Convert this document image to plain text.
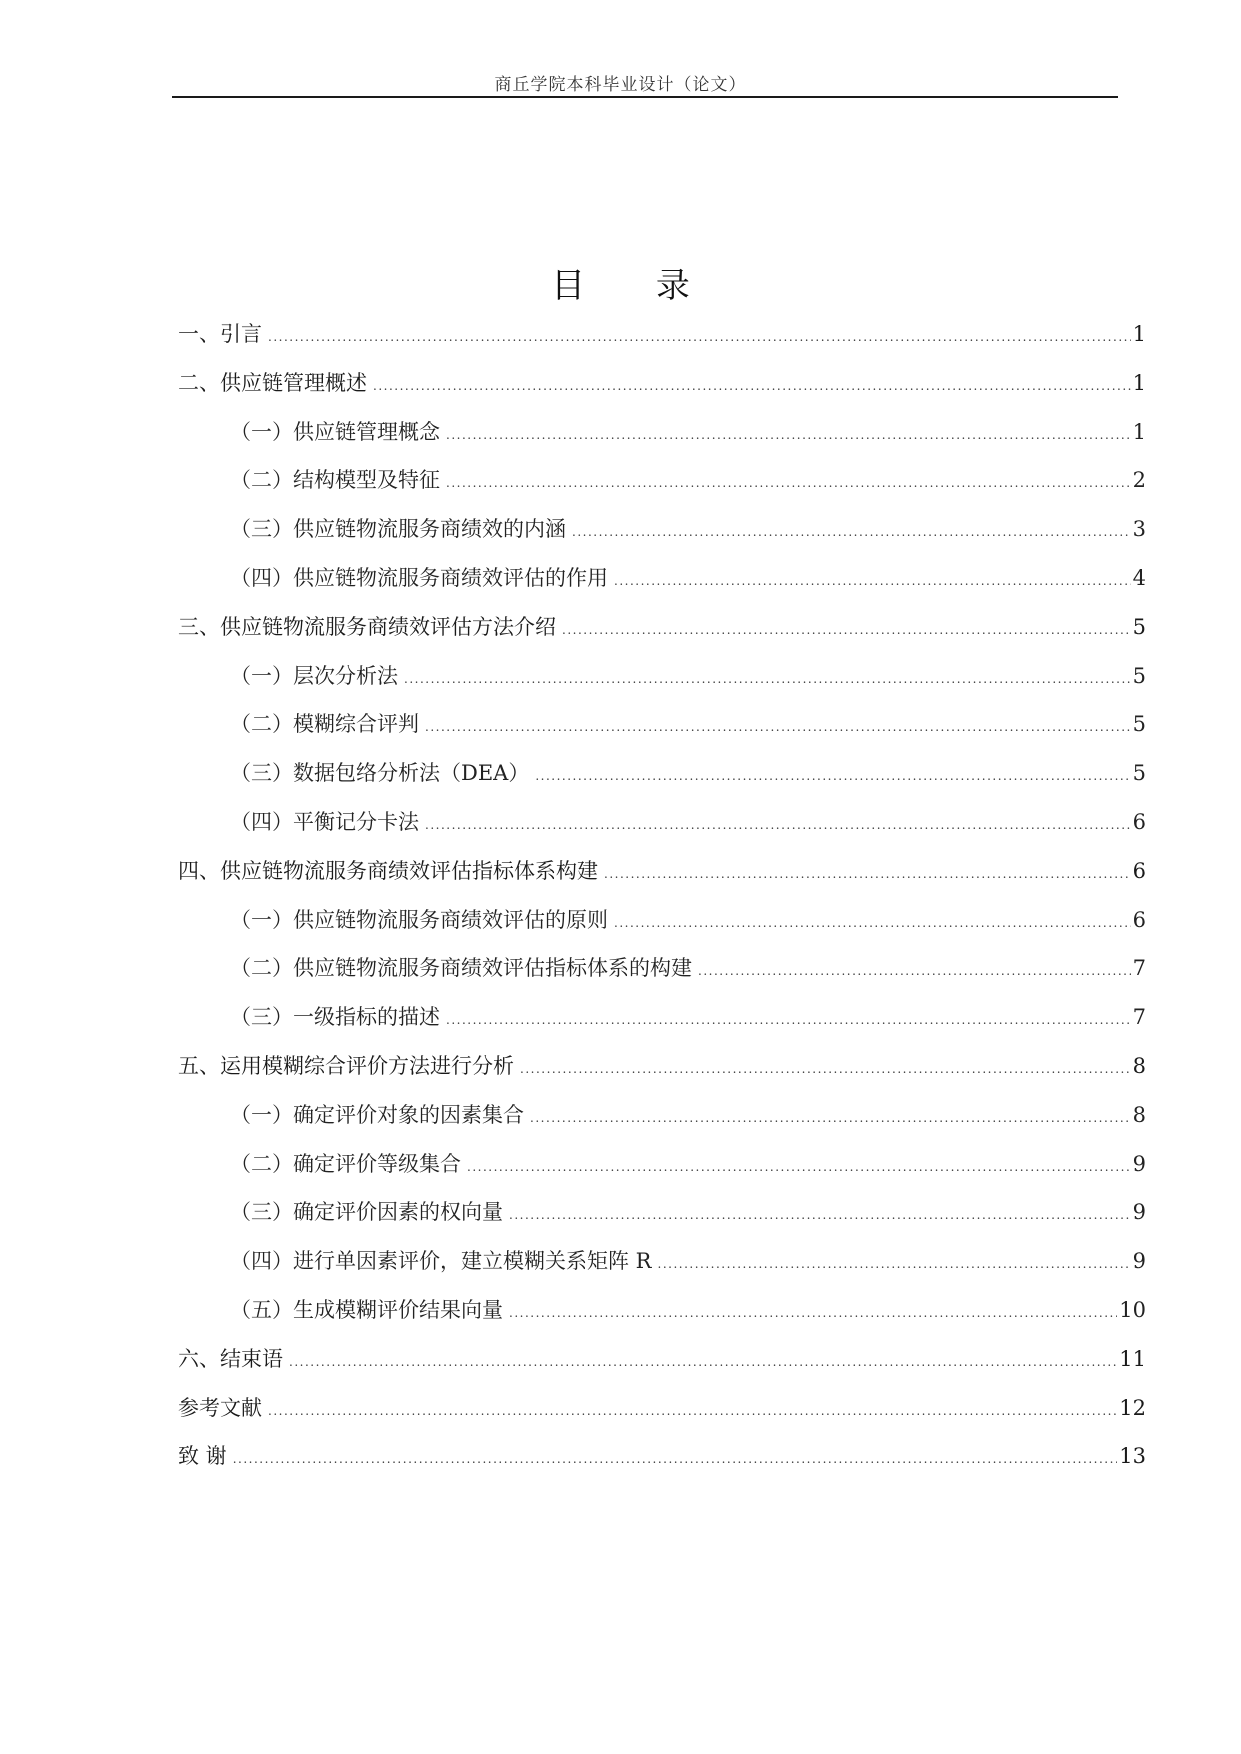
商丘学院本科毕业设计（论文）
目 录
一、引言 .....	1
二、供应链管理概述 .....	1
（一）供应链管理概念 .....	1
（二）结构模型及特征 .....	2
（三）供应链物流服务商绩效的内涵 .....	3
（四）供应链物流服务商绩效评估的作用 .....	4
三、供应链物流服务商绩效评估方法介绍 .....	5
（一）层次分析法 .....	5
（二）模糊综合评判 .....	5
（三）数据包络分析法（DEA） .....	5
（四）平衡记分卡法 .....	6
四、供应链物流服务商绩效评估指标体系构建 .....	6
（一）供应链物流服务商绩效评估的原则 .....	6
（二）供应链物流服务商绩效评估指标体系的构建 .....	7
（三）一级指标的描述 .....	7
五、运用模糊综合评价方法进行分析 .....	8
（一）确定评价对象的因素集合 .....	8
（二）确定评价等级集合 .....	9
（三）确定评价因素的权向量 .....	9
（四）进行单因素评价，建立模糊关系矩阵 R .....	9
（五）生成模糊评价结果向量 .....	10
六、结束语 .....	11
参考文献 .....	12
致 谢 .....	13
